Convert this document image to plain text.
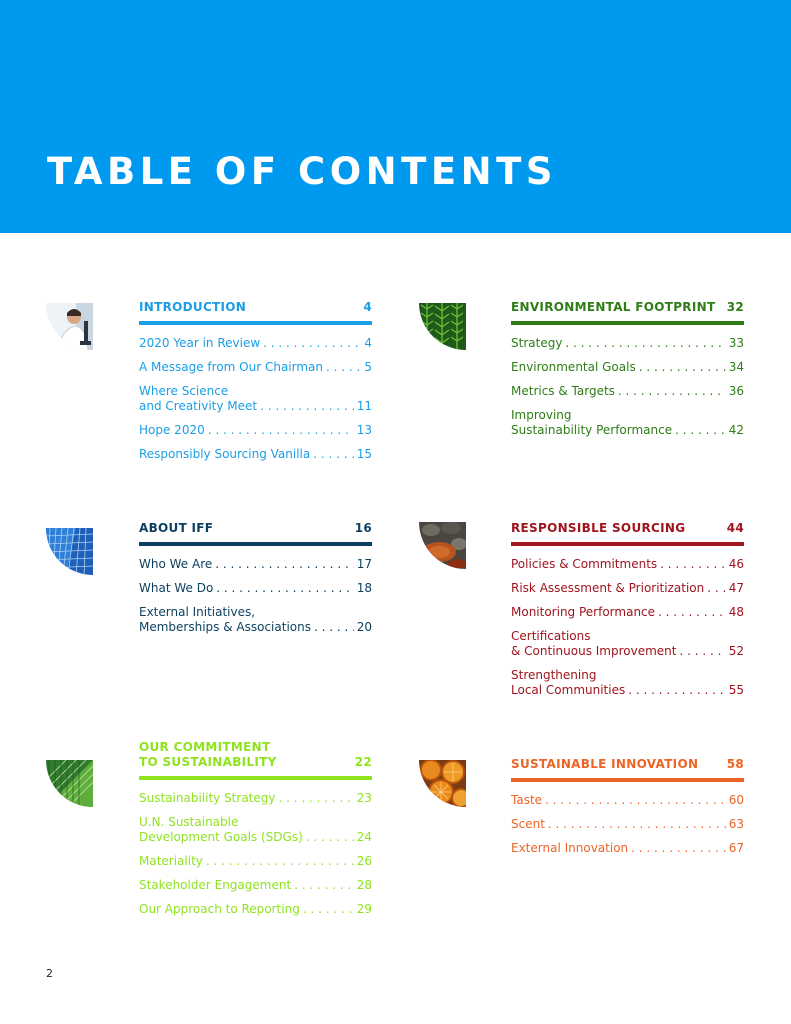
TABLE OF CONTENTS
INTRODUCTION	4
2020 Year in Review . . .	4
A Message from Our Chairman . . .	5
Where Science
and Creativity Meet . . .	11
Hope 2020 . . .	13
Responsibly Sourcing Vanilla . . .	15
ABOUT IFF	16
Who We Are . . .	17
What We Do . . .	18
External Initiatives,
Memberships & Associations . . .	20
OUR COMMITMENT
TO SUSTAINABILITY	22
Sustainability Strategy . . .	23
U.N. Sustainable
Development Goals (SDGs) . . .	24
Materiality . . .	26
Stakeholder Engagement . . .	28
Our Approach to Reporting . . .	29
ENVIRONMENTAL FOOTPRINT 32
Strategy . . .	33
Environmental Goals . . .	34
Metrics & Targets . . .	36
Improving
Sustainability Performance . . .	42
RESPONSIBLE SOURCING	44
Policies & Commitments . . .	46
Risk Assessment & Prioritization . . . 47
Monitoring Performance . . .	48
Certifications
& Continuous Improvement . . .	52
Strengthening
Local Communities . . .	55
SUSTAINABLE INNOVATION 58
Taste . . .	60
Scent . . .	63
External Innovation . . .	67
2
